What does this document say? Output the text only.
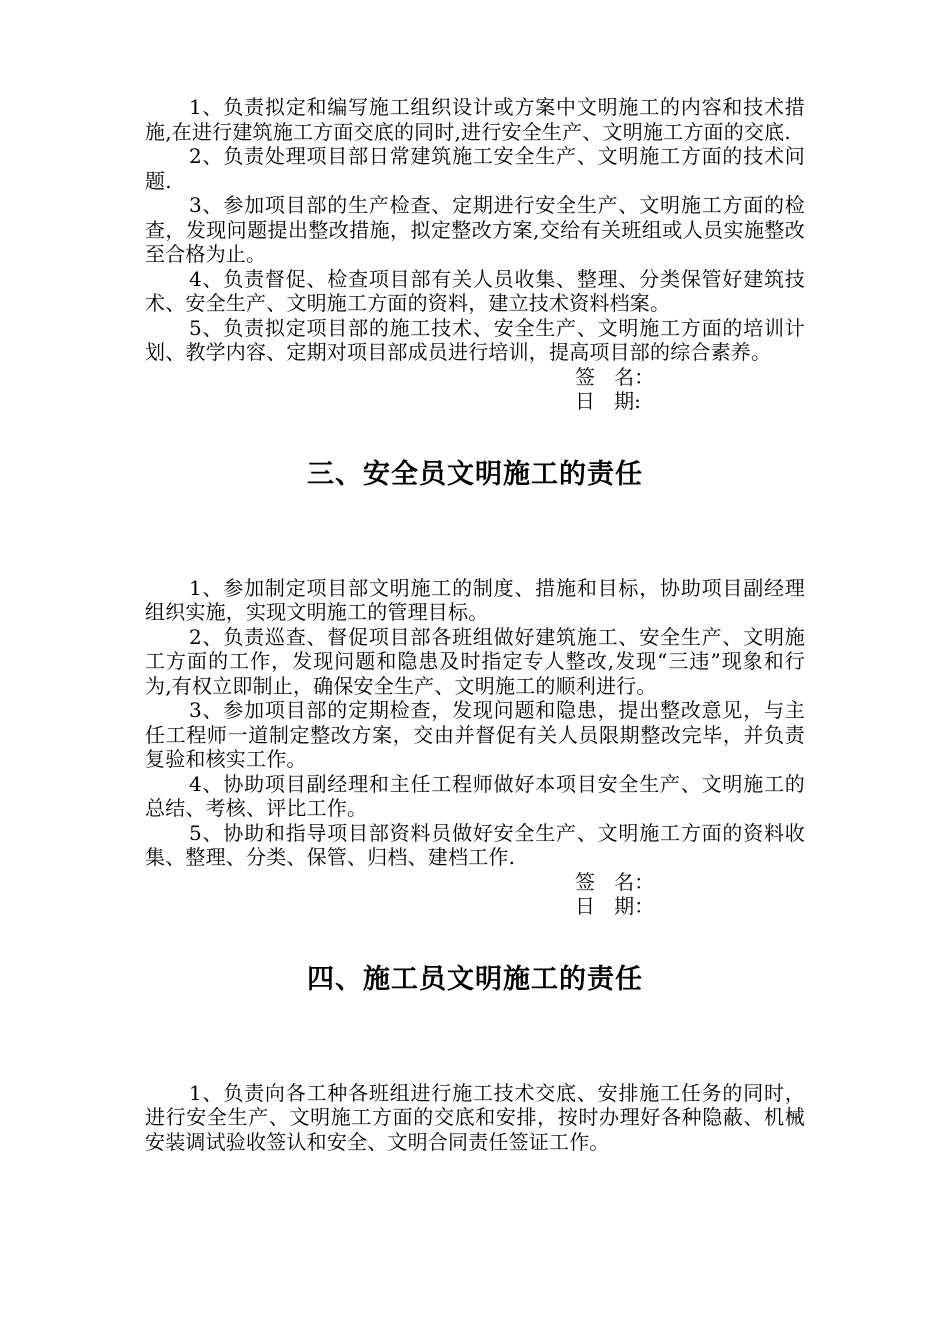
1、负责拟定和编写施工组织设计或方案中文明施工的内容和技术措施,在进行建筑施工方面交底的同时,进行安全生产、文明施工方面的交底.

2、负责处理项目部日常建筑施工安全生产、文明施工方面的技术问题.

3、参加项目部的生产检查、定期进行安全生产、文明施工方面的检查，发现问题提出整改措施，拟定整改方案,交给有关班组或人员实施整改至合格为止。

4、负责督促、检查项目部有关人员收集、整理、分类保管好建筑技术、安全生产、文明施工方面的资料，建立技术资料档案。

5、负责拟定项目部的施工技术、安全生产、文明施工方面的培训计划、教学内容、定期对项目部成员进行培训，提高项目部的综合素养。

签   名：

日   期:

三、安全员文明施工的责任

1、参加制定项目部文明施工的制度、措施和目标，协助项目副经理组织实施，实现文明施工的管理目标。

2、负责巡查、督促项目部各班组做好建筑施工、安全生产、文明施工方面的工作，发现问题和隐患及时指定专人整改,发现“三违”现象和行为,有权立即制止，确保安全生产、文明施工的顺利进行。

3、参加项目部的定期检查，发现问题和隐患，提出整改意见，与主任工程师一道制定整改方案，交由并督促有关人员限期整改完毕，并负责复验和核实工作。

4、协助项目副经理和主任工程师做好本项目安全生产、文明施工的总结、考核、评比工作。

5、协助和指导项目部资料员做好安全生产、文明施工方面的资料收集、整理、分类、保管、归档、建档工作.

签   名：

日   期：

四、施工员文明施工的责任

1、负责向各工种各班组进行施工技术交底、安排施工任务的同时，进行安全生产、文明施工方面的交底和安排，按时办理好各种隐蔽、机械安装调试验收签认和安全、文明合同责任签证工作。
